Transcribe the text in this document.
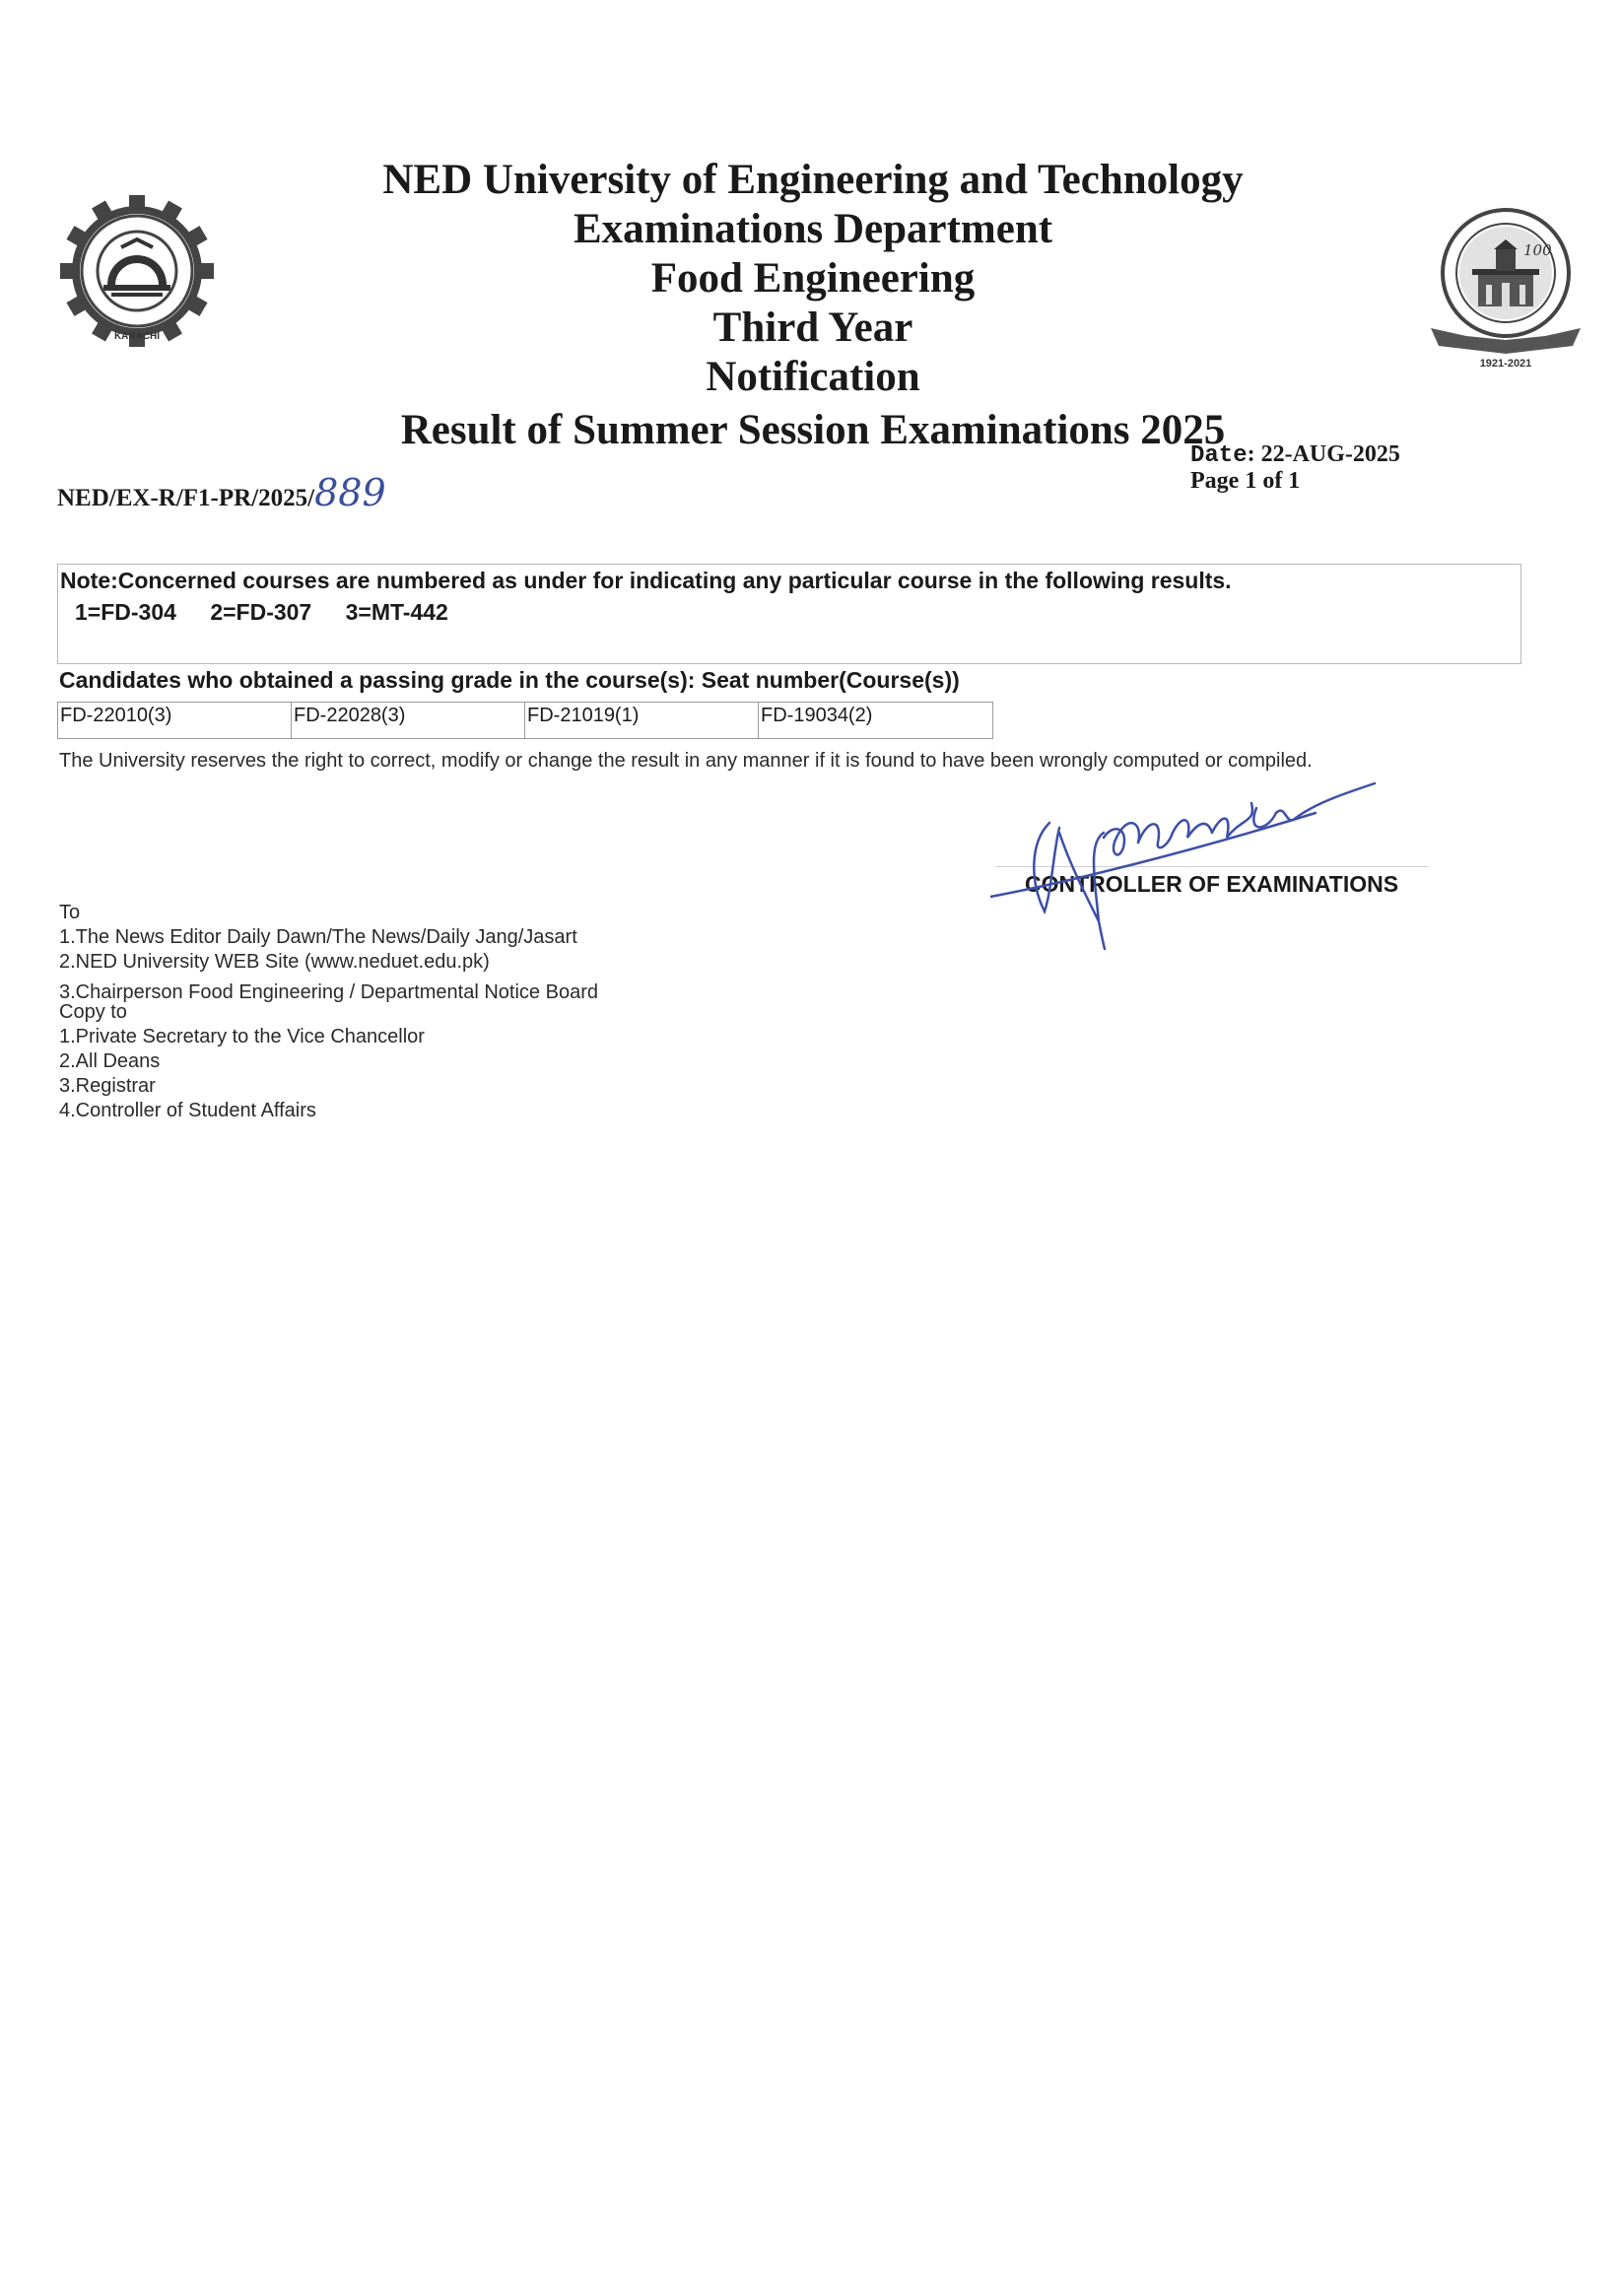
KARACHI
100
1921-2021
NED University of Engineering and Technology
Examinations Department
Food Engineering
Third Year
Notification
Result of Summer Session Examinations 2025
NED/EX-R/F1-PR/2025/889
Date: 22-AUG-2025
Page 1 of 1
Note:Concerned courses are numbered as under for indicating any particular course in the following results.
1=FD-304 2=FD-307 3=MT-442
Candidates who obtained a passing grade in the course(s): Seat number(Course(s))
FD-22010(3)	FD-22028(3)	FD-21019(1)	FD-19034(2)
The University reserves the right to correct, modify or change the result in any manner if it is found to have been wrongly computed or compiled.
CONTROLLER OF EXAMINATIONS
To
1.The News Editor Daily Dawn/The News/Daily Jang/Jasart
2.NED University WEB Site (www.neduet.edu.pk)
3.Chairperson Food Engineering / Departmental Notice Board
Copy to
1.Private Secretary to the Vice Chancellor
2.All Deans
3.Registrar
4.Controller of Student Affairs
